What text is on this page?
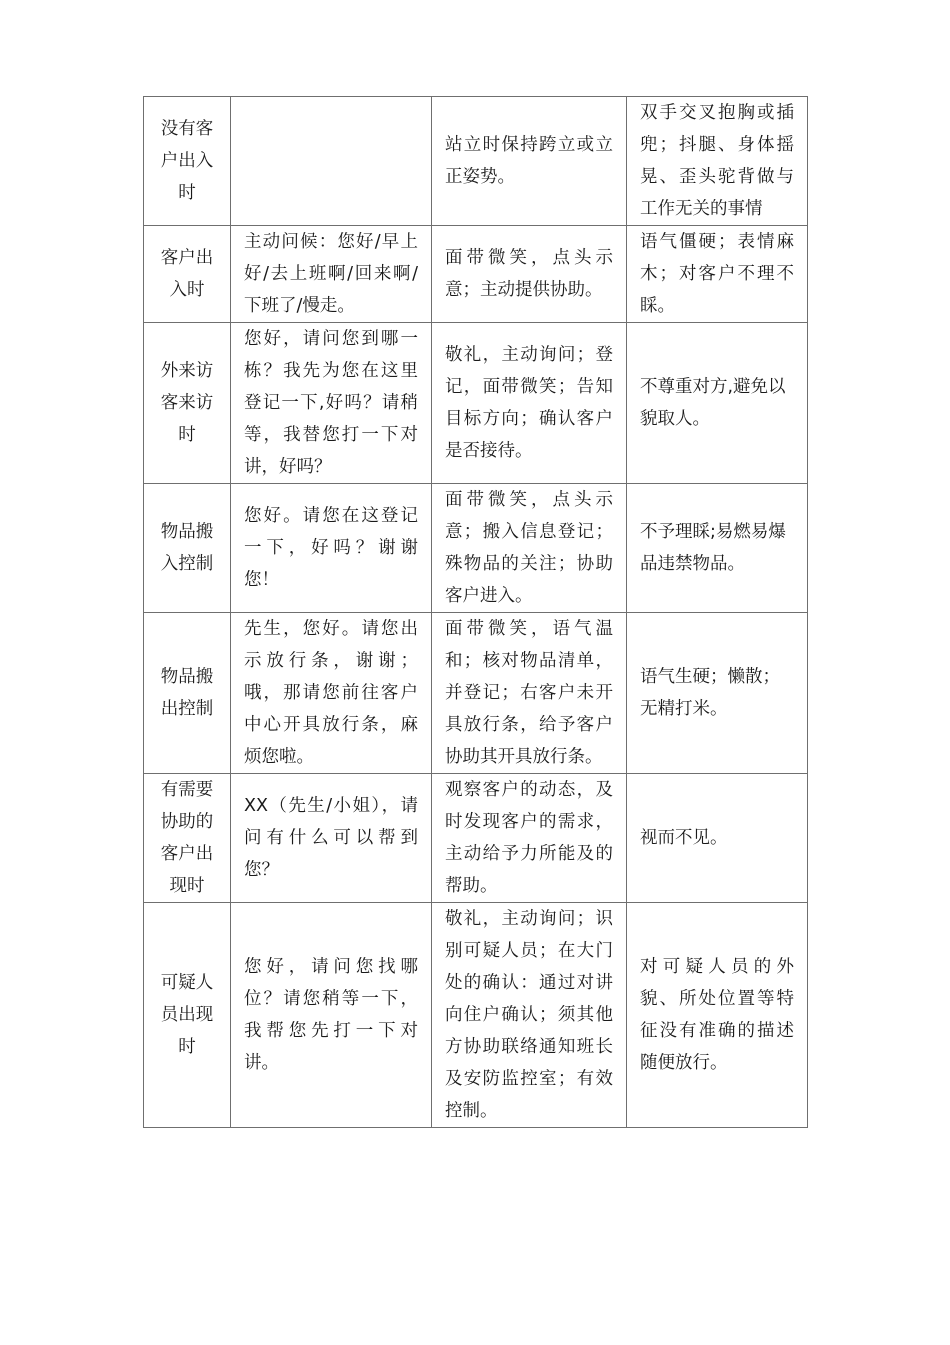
没有客户出入时		站立时保持跨立或立正姿势。	双手交叉抱胸或插兜；抖腿、身体摇晃、歪头驼背做与工作无关的事情

客户出入时	主动问候：您好/早上好/去上班啊/回来啊/下班了/慢走。	面带微笑，点头示意；主动提供协助。	语气僵硬；表情麻木；对客户不理不睬。

外来访客来访时	您好，请问您到哪一栋？我先为您在这里登记一下,好吗？请稍等，我替您打一下对讲，好吗？	敬礼，主动询问；登记，面带微笑；告知目标方向；确认客户是否接待。	不尊重对方,避免以貌取人。

物品搬入控制	您好。请您在这登记一下，好吗？谢谢您！	面带微笑，点头示意；搬入信息登记；殊物品的关注；协助客户进入。	不予理睬;易燃易爆品违禁物品。

物品搬出控制	先生，您好。请您出示放行条，谢谢；哦，那请您前往客户中心开具放行条，麻烦您啦。	面带微笑，语气温和；核对物品清单，并登记；右客户未开具放行条，给予客户协助其开具放行条。	语气生硬；懒散；无精打米。

有需要协助的客户出现时	XX（先生/小姐），请问有什么可以帮到您？	观察客户的动态，及时发现客户的需求，主动给予力所能及的帮助。	视而不见。

可疑人员出现时	您好，请问您找哪位？请您稍等一下，我帮您先打一下对讲。	敬礼，主动询问；识别可疑人员；在大门处的确认：通过对讲向住户确认；须其他方协助联络通知班长及安防监控室；有效控制。	对可疑人员的外貌、所处位置等特征没有准确的描述随便放行。
